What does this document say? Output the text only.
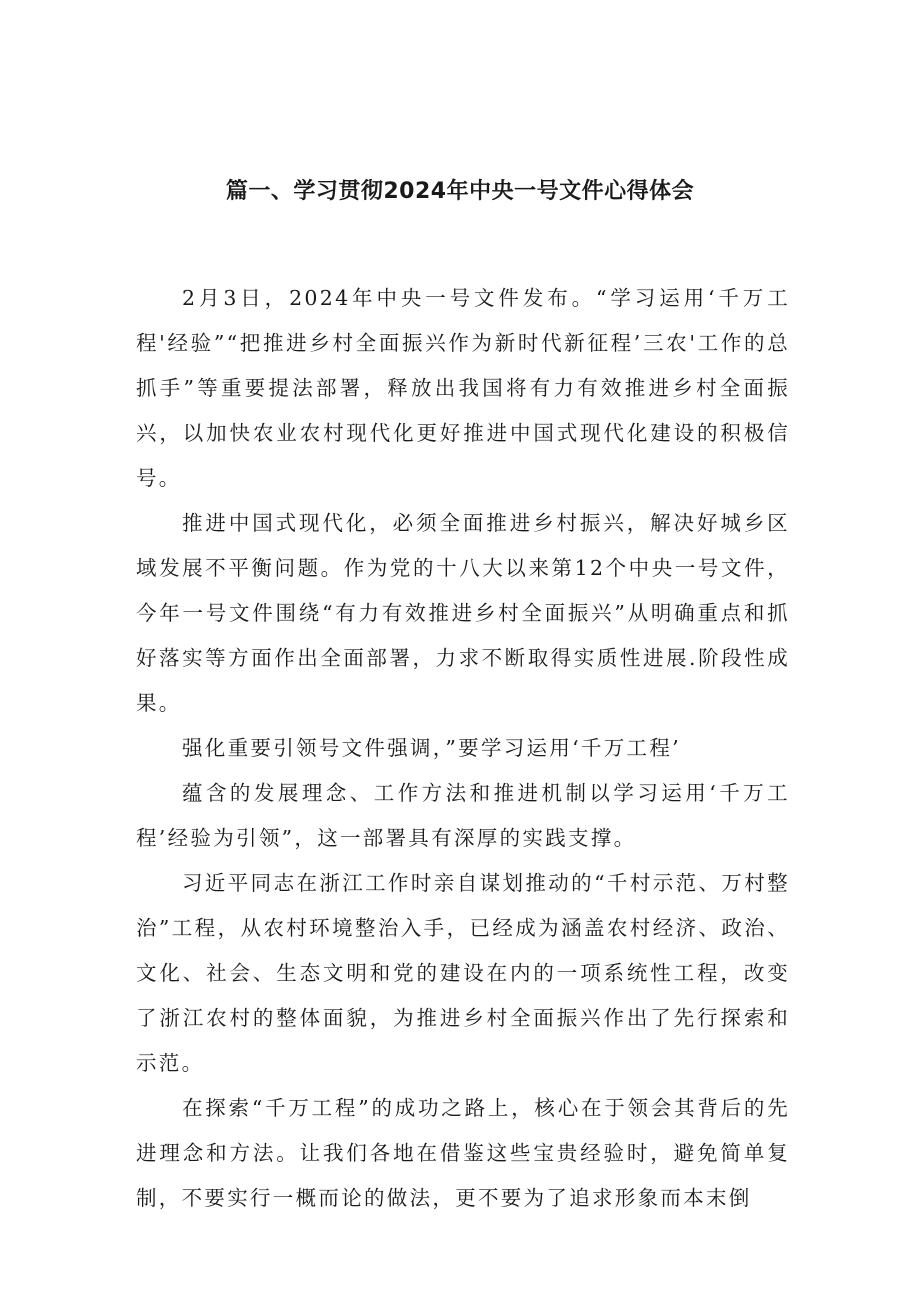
篇一、学习贯彻2024年中央一号文件心得体会

2月3日，2024年中央一号文件发布。“学习运用‘千万工程'经验”“把推进乡村全面振兴作为新时代新征程’三农'工作的总抓手”等重要提法部署，释放出我国将有力有效推进乡村全面振兴，以加快农业农村现代化更好推进中国式现代化建设的积极信号。

推进中国式现代化，必须全面推进乡村振兴，解决好城乡区域发展不平衡问题。作为党的十八大以来第12个中央一号文件，今年一号文件围绕“有力有效推进乡村全面振兴”从明确重点和抓好落实等方面作出全面部署，力求不断取得实质性进展.阶段性成果。

强化重要引领号文件强调，”要学习运用‘千万工程’

蕴含的发展理念、工作方法和推进机制以学习运用‘千万工程’经验为引领”，这一部署具有深厚的实践支撑。

习近平同志在浙江工作时亲自谋划推动的“千村示范、万村整治”工程，从农村环境整治入手，已经成为涵盖农村经济、政治、文化、社会、生态文明和党的建设在内的一项系统性工程，改变了浙江农村的整体面貌，为推进乡村全面振兴作出了先行探索和示范。

在探索“千万工程”的成功之路上，核心在于领会其背后的先进理念和方法。让我们各地在借鉴这些宝贵经验时，避免简单复制，不要实行一概而论的做法，更不要为了追求形象而本末倒
